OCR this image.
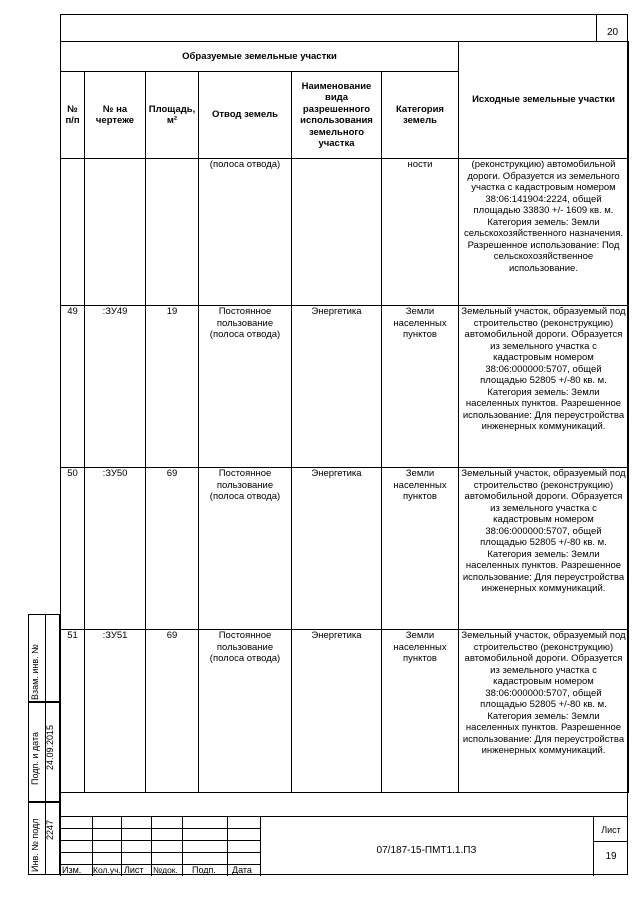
20
Образуемые земельные участки						Исходные земельные участки
№ п/п	№ на чертеже	Площадь, м²	Отвод земель	Наименование вида разрешенного использования земельного участка	Категория земель	
			(полоса отвода)		ности	(реконструкцию) автомобильной дороги. Образуется из земельного участка с кадастровым номером 38:06:141904:2224, общей площадью 33830 +/- 1609 кв. м. Категория земель: Земли сельскохозяйственного назначения. Разрешенное использование: Под сельскохозяйственное использование.
49	:ЗУ49	19	Постоянное пользование (полоса отвода)	Энергетика	Земли населенных пунктов	Земельный участок, образуемый под строительство (реконструкцию) автомобильной дороги. Образуется из земельного участка с кадастровым номером 38:06:000000:5707, общей площадью 52805 +/-80 кв. м. Категория земель: Земли населенных пунктов. Разрешенное использование: Для переустройства инженерных коммуникаций.
50	:ЗУ50	69	Постоянное пользование (полоса отвода)	Энергетика	Земли населенных пунктов	Земельный участок, образуемый под строительство (реконструкцию) автомобильной дороги. Образуется из земельного участка с кадастровым номером 38:06:000000:5707, общей площадью 52805 +/-80 кв. м. Категория земель: Земли населенных пунктов. Разрешенное использование: Для переустройства инженерных коммуникаций.
51	:ЗУ51	69	Постоянное пользование (полоса отвода)	Энергетика	Земли населенных пунктов	Земельный участок, образуемый под строительство (реконструкцию) автомобильной дороги. Образуется из земельного участка с кадастровым номером 38:06:000000:5707, общей площадью 52805 +/-80 кв. м. Категория земель: Земли населенных пунктов. Разрешенное использование: Для переустройства инженерных коммуникаций.
Взам. инв. №
Подп. и дата 24.09.2015
Инв. № подл 2247
Изм. Кол.уч. Лист №док. Подп. Дата
07/187-15-ПМТ1.1.ПЗ
Лист
19
